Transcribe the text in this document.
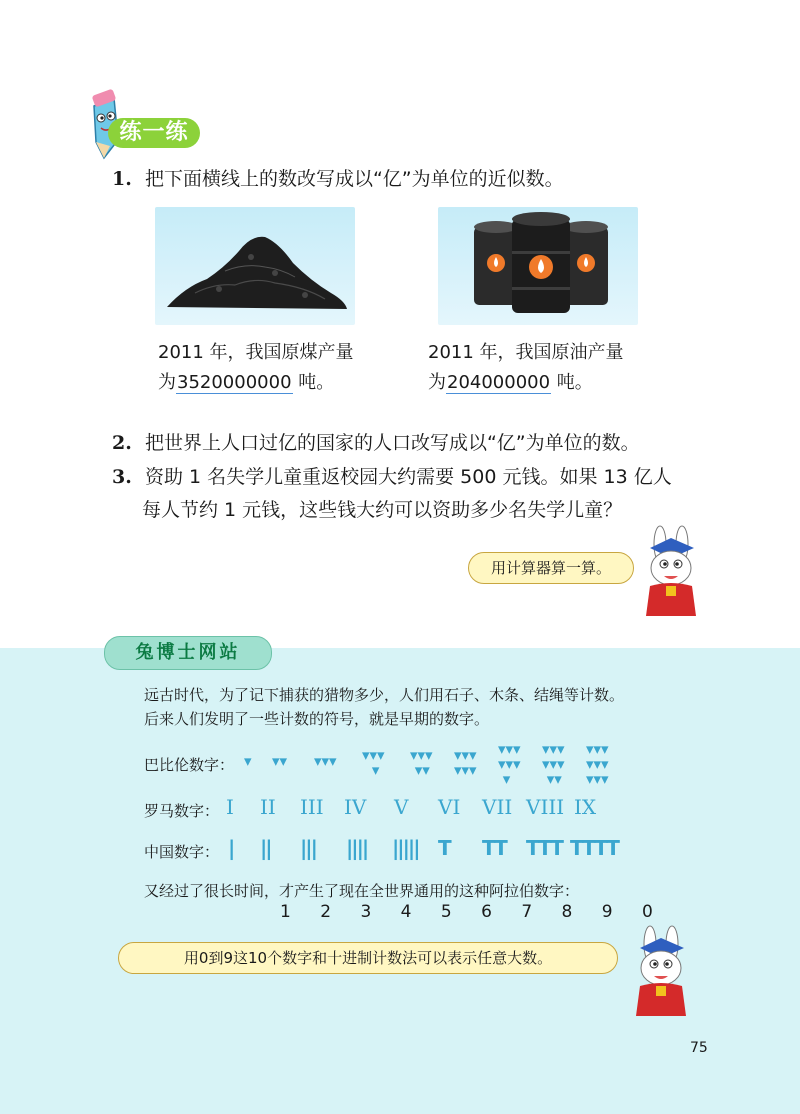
练一练
1. 把下面横线上的数改写成以“亿”为单位的近似数。
2011 年，我国原煤产量
为3520000000 吨。
2011 年，我国原油产量
为204000000 吨。
2. 把世界上人口过亿的国家的人口改写成以“亿”为单位的数。
3. 资助 1 名失学儿童重返校园大约需要 500 元钱。如果 13 亿人
每人节约 1 元钱，这些钱大约可以资助多少名失学儿童？
用计算器算一算。
兔博士网站
远古时代，为了记下捕获的猎物多少，人们用石子、木条、结绳等计数。
后来人们发明了一些计数的符号，就是早期的数字。
巴比伦数字： ▾ ▾▾ ▾▾▾ ▾▾▾
▾
▾▾▾
▾▾
▾▾▾
▾▾▾
▾▾▾
▾▾▾
▾
▾▾▾
▾▾▾
▾▾
▾▾▾
▾▾▾
▾▾▾
罗马数字： I II III IV V VI VII VIII IX
中国数字： | || ||| |||| ||||| T TT TTT TTTT
又经过了很长时间，才产生了现在全世界通用的这种阿拉伯数字：
1 2 3 4 5 6 7 8 9 0
用0到9这10个数字和十进制计数法可以表示任意大数。
75
